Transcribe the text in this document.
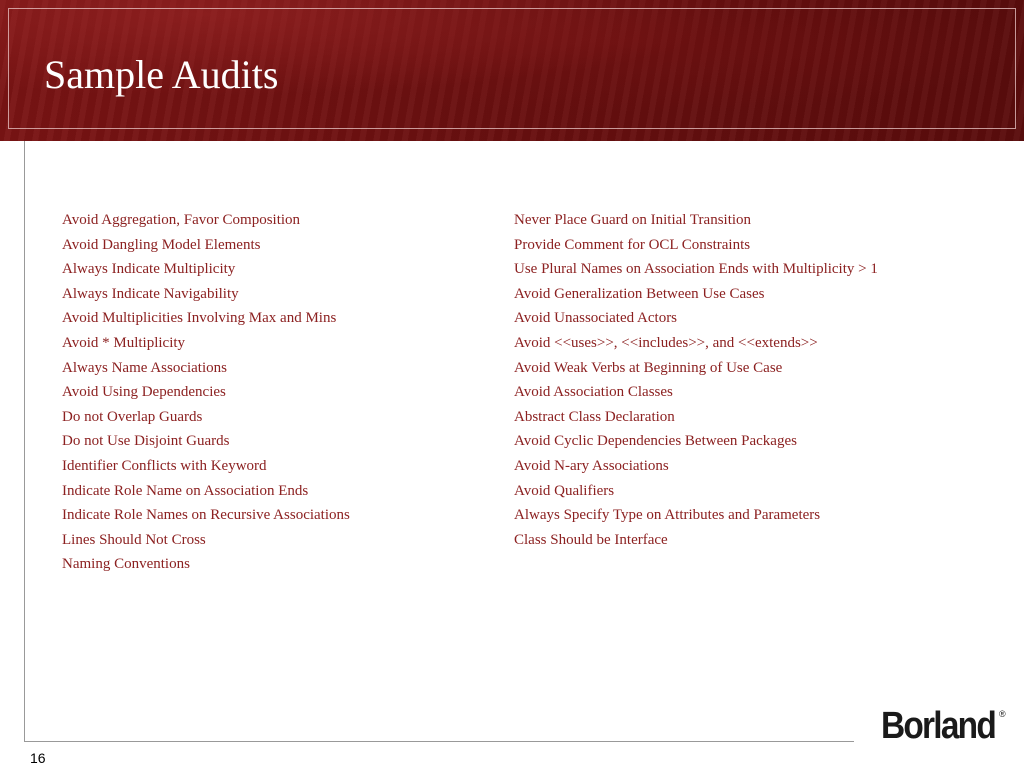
Sample Audits
Avoid Aggregation, Favor Composition
Avoid Dangling Model Elements
Always Indicate Multiplicity
Always Indicate Navigability
Avoid Multiplicities Involving Max and Mins
Avoid * Multiplicity
Always Name Associations
Avoid Using Dependencies
Do not Overlap Guards
Do not Use Disjoint Guards
Identifier Conflicts with Keyword
Indicate Role Name on Association Ends
Indicate Role Names on Recursive Associations
Lines Should Not Cross
Naming Conventions
Never Place Guard on Initial Transition
Provide Comment for OCL Constraints
Use Plural Names on Association Ends with Multiplicity > 1
Avoid Generalization Between Use Cases
Avoid Unassociated Actors
Avoid <<uses>>, <<includes>>, and <<extends>>
Avoid Weak Verbs at Beginning of Use Case
Avoid Association Classes
Abstract Class Declaration
Avoid Cyclic Dependencies Between Packages
Avoid N-ary Associations
Avoid Qualifiers
Always Specify Type on Attributes and Parameters
Class Should be Interface
Borland ®
16
